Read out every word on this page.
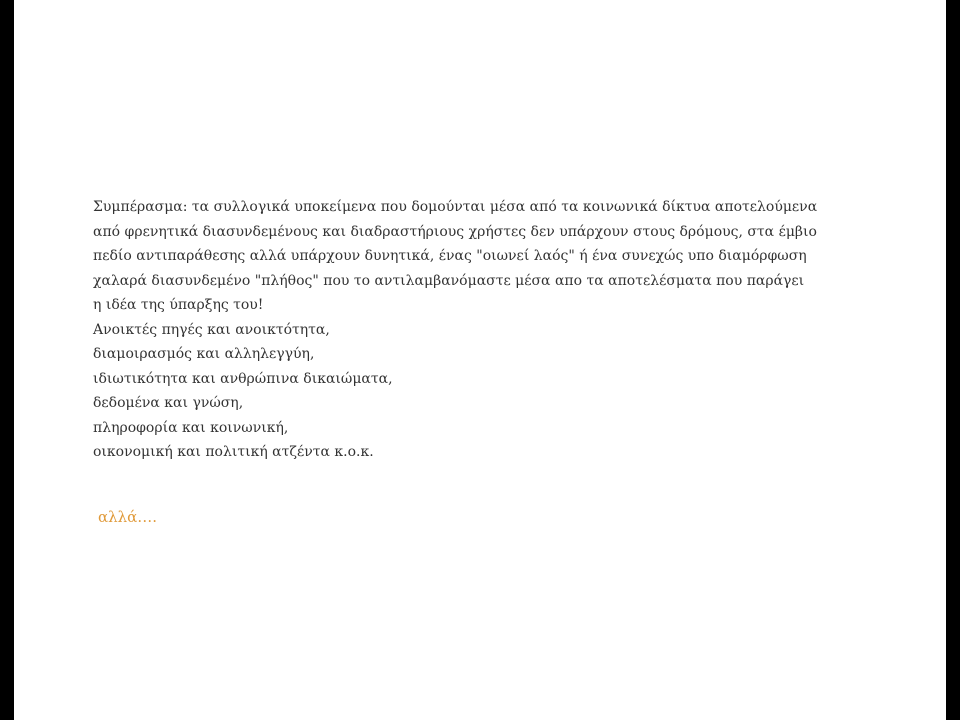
Συμπέρασμα: τα συλλογικά υποκείμενα που δομούνται μέσα από τα κοινωνικά δίκτυα αποτελούμενα

από φρενητικά διασυνδεμένους και διαδραστήριους χρήστες δεν υπάρχουν στους δρόμους, στα έμβιο

πεδίο αντιπαράθεσης αλλά υπάρχουν δυνητικά, ένας "οιωνεί λαός" ή ένα συνεχώς υπο διαμόρφωση

χαλαρά διασυνδεμένο "πλήθος" που το αντιλαμβανόμαστε μέσα απο τα αποτελέσματα που παράγει

η ιδέα της ύπαρξης του!

Ανοικτές πηγές και ανοικτότητα,

διαμοιρασμός και αλληλεγγύη,

ιδιωτικότητα και ανθρώπινα δικαιώματα,

δεδομένα και γνώση,

πληροφορία και κοινωνική,

οικονομική και πολιτική ατζέντα κ.ο.κ.

αλλά….
